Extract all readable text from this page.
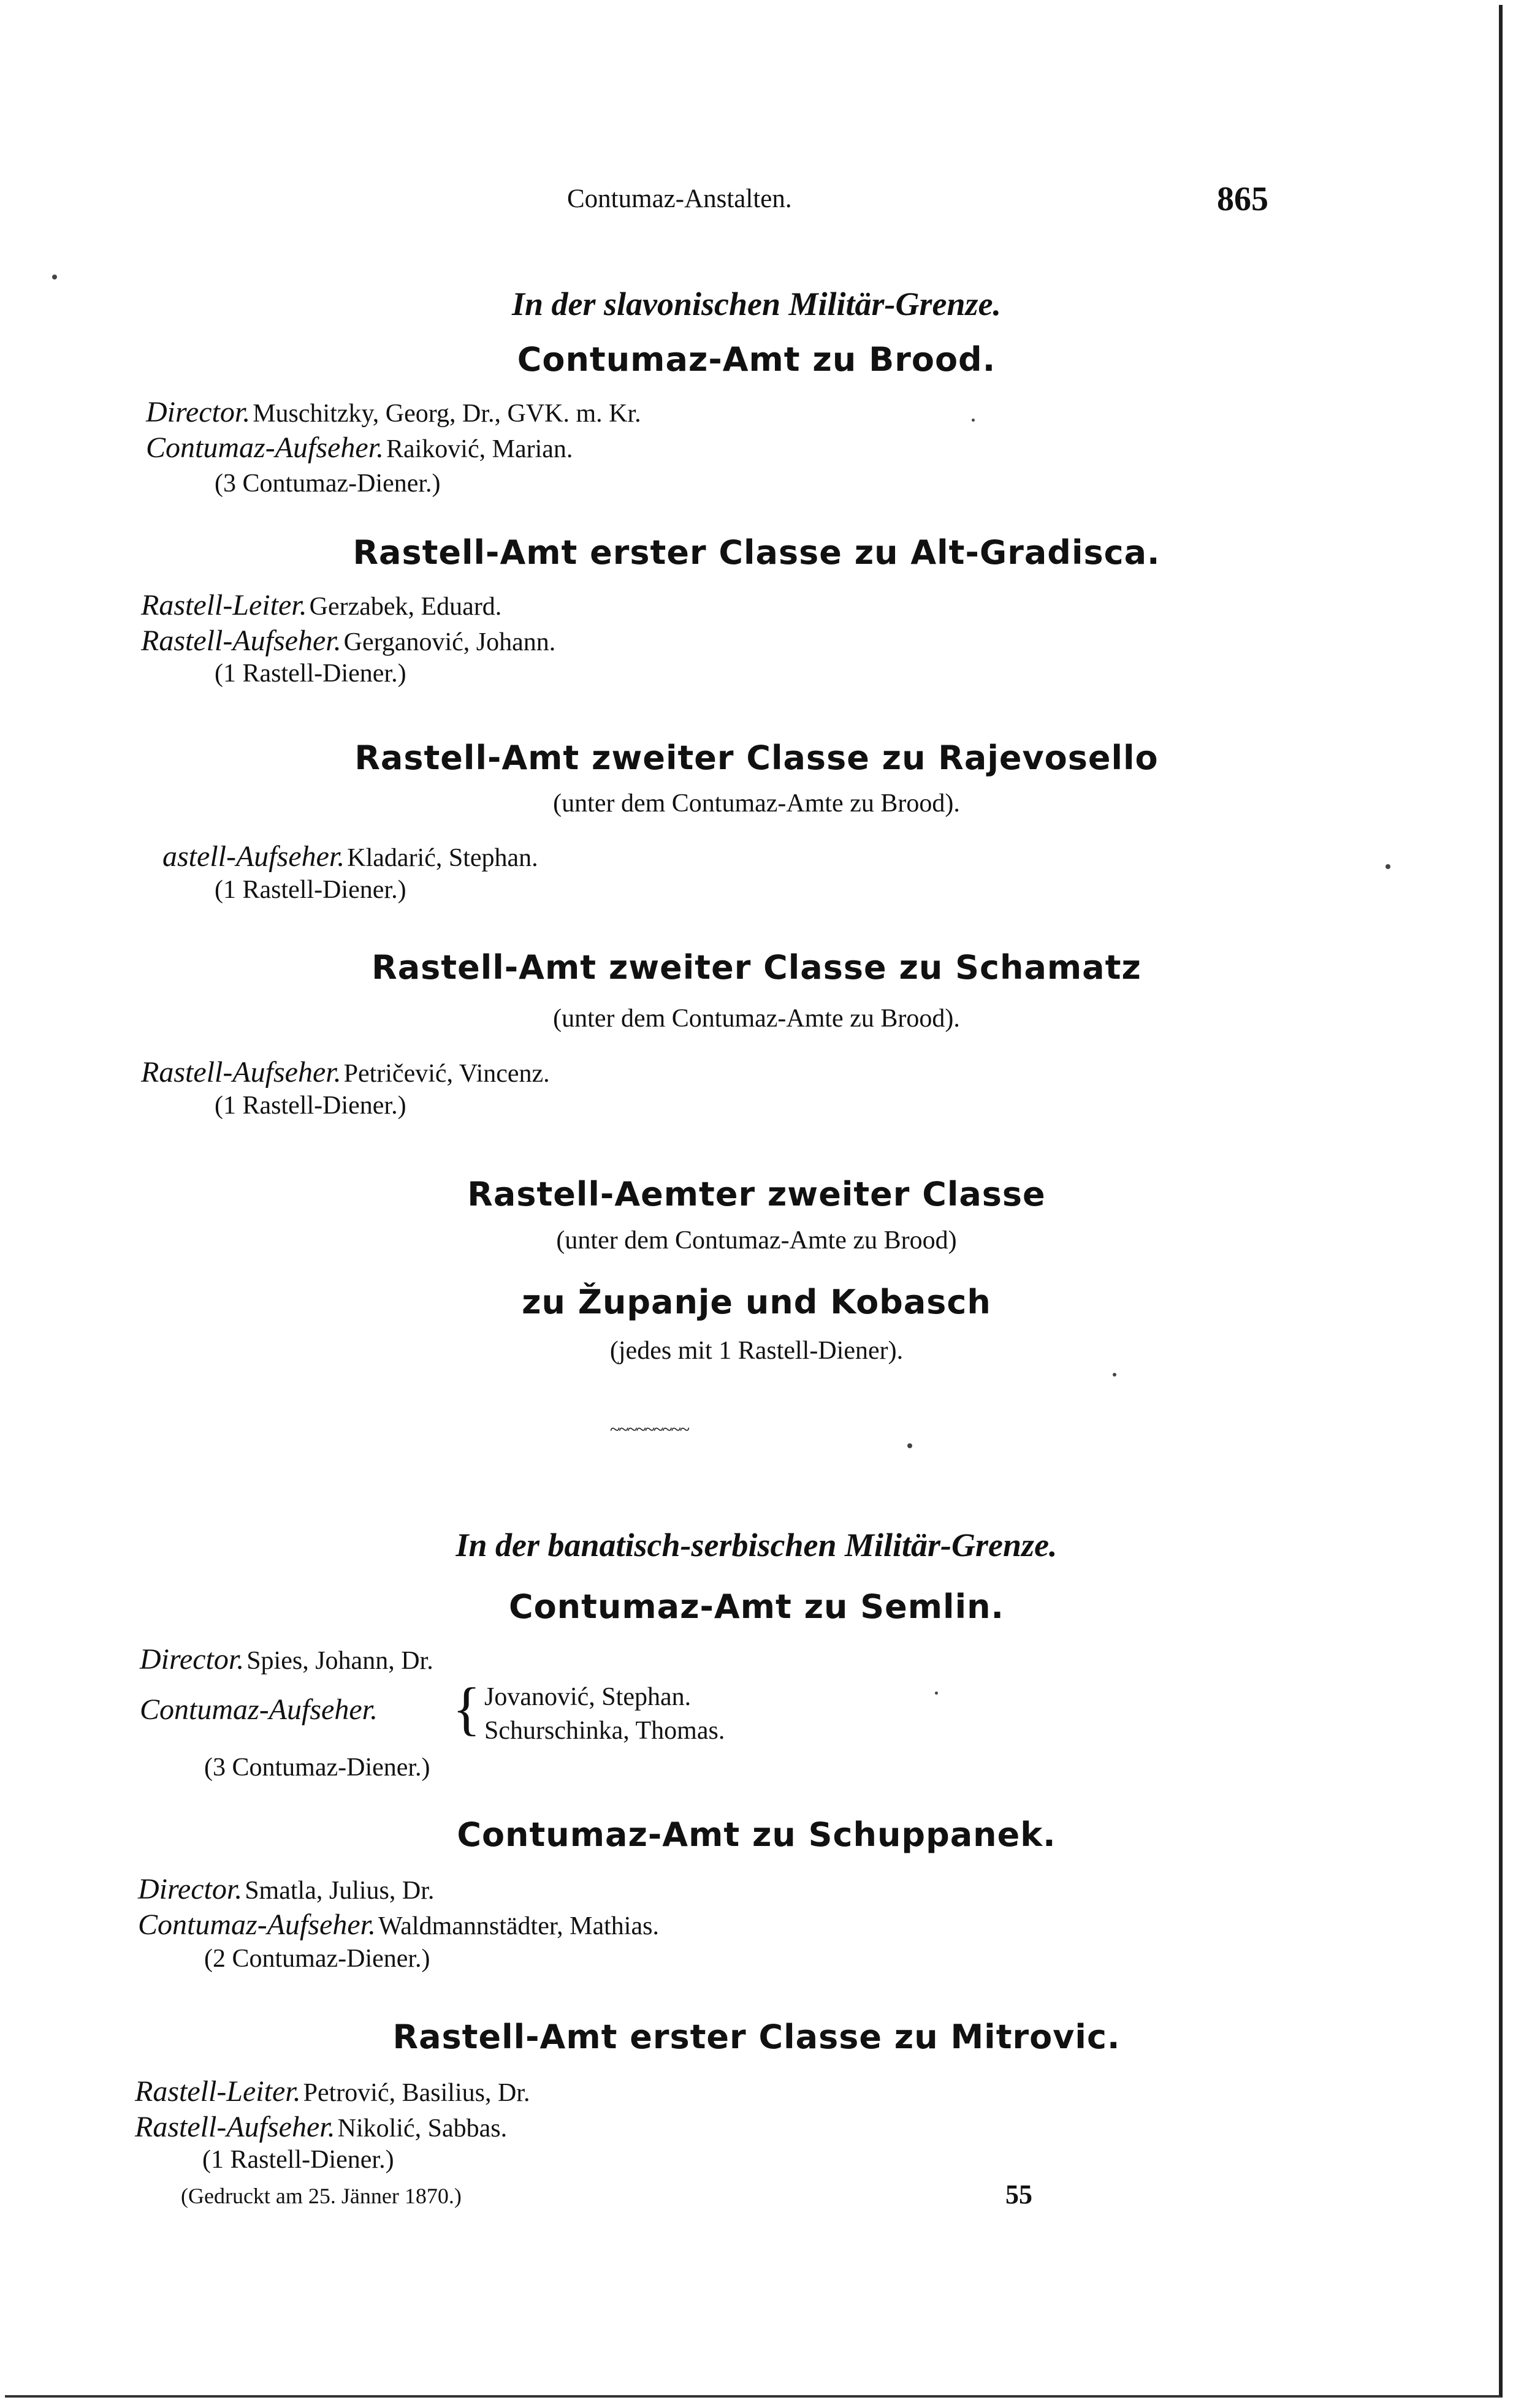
Contumaz-Anstalten.	865
In der slavonischen Militär-Grenze.
Contumaz-Amt zu Brood.
Director. Muschitzky, Georg, Dr., GVK. m. Kr.
Contumaz-Aufseher. Raiković, Marian.
(3 Contumaz-Diener.)
Rastell-Amt erster Classe zu Alt-Gradisca.
Rastell-Leiter. Gerzabek, Eduard.
Rastell-Aufseher. Gerganović, Johann.
(1 Rastell-Diener.)
Rastell-Amt zweiter Classe zu Rajevosello
(unter dem Contumaz-Amte zu Brood).
astell-Aufseher. Kladarić, Stephan.
(1 Rastell-Diener.)
Rastell-Amt zweiter Classe zu Schamatz
(unter dem Contumaz-Amte zu Brood).
Rastell-Aufseher. Petričević, Vincenz.
(1 Rastell-Diener.)
Rastell-Aemter zweiter Classe
(unter dem Contumaz-Amte zu Brood)
zu Županje und Kobasch
(jedes mit 1 Rastell-Diener).
~~~~~~~~~
In der banatisch-serbischen Militär-Grenze.
Contumaz-Amt zu Semlin.
Director. Spies, Johann, Dr.
Contumaz-Aufseher. { Jovanović, Stephan.
Schurschinka, Thomas.
(3 Contumaz-Diener.)
Contumaz-Amt zu Schuppanek.
Director. Smatla, Julius, Dr.
Contumaz-Aufseher. Waldmannstädter, Mathias.
(2 Contumaz-Diener.)
Rastell-Amt erster Classe zu Mitrovic.
Rastell-Leiter. Petrović, Basilius, Dr.
Rastell-Aufseher. Nikolić, Sabbas.
(1 Rastell-Diener.)
(Gedruckt am 25. Jänner 1870.)	55
